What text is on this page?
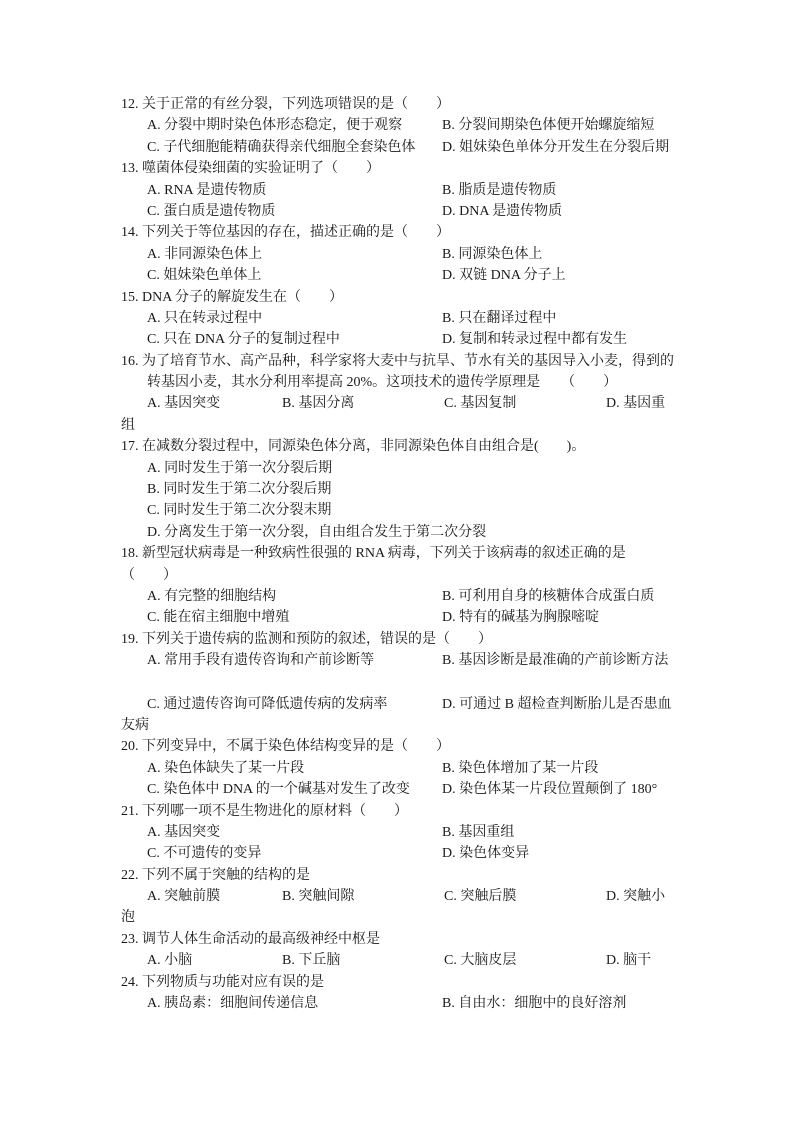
12. 关于正常的有丝分裂，下列选项错误的是（　　）
A. 分裂中期时染色体形态稳定，便于观察	B. 分裂间期染色体便开始螺旋缩短
C. 子代细胞能精确获得亲代细胞全套染色体 D. 姐妹染色单体分开发生在分裂后期
13. 噬菌体侵染细菌的实验证明了（　　）
A. RNA 是遗传物质	B. 脂质是遗传物质
C. 蛋白质是遗传物质	D. DNA 是遗传物质
14. 下列关于等位基因的存在，描述正确的是（　　）
A. 非同源染色体上	B. 同源染色体上
C. 姐妹染色单体上	D. 双链 DNA 分子上
15. DNA 分子的解旋发生在（　　）
A. 只在转录过程中	B. 只在翻译过程中
C. 只在 DNA 分子的复制过程中	D. 复制和转录过程中都有发生
16. 为了培育节水、高产品种，科学家将大麦中与抗旱、节水有关的基因导入小麦，得到的
转基因小麦，其水分利用率提高 20%。这项技术的遗传学原理是　　（　　）
A. 基因突变	B. 基因分离	C. 基因复制	D. 基因重
组
17. 在减数分裂过程中，同源染色体分离，非同源染色体自由组合是(　　)。
A. 同时发生于第一次分裂后期
B. 同时发生于第二次分裂后期
C. 同时发生于第二次分裂末期
D. 分离发生于第一次分裂，自由组合发生于第二次分裂
18. 新型冠状病毒是一种致病性很强的 RNA 病毒，下列关于该病毒的叙述正确的是
（　　）
A. 有完整的细胞结构	B. 可利用自身的核糖体合成蛋白质
C. 能在宿主细胞中增殖	D. 特有的碱基为胸腺嘧啶
19. 下列关于遗传病的监测和预防的叙述，错误的是（　　）
A. 常用手段有遗传咨询和产前诊断等	B. 基因诊断是最准确的产前诊断方法
C. 通过遗传咨询可降低遗传病的发病率	D. 可通过 B 超检查判断胎儿是否患血
友病
20. 下列变异中，不属于染色体结构变异的是（　　）
A. 染色体缺失了某一片段	B. 染色体增加了某一片段
C. 染色体中 DNA 的一个碱基对发生了改变 D. 染色体某一片段位置颠倒了 180°
21. 下列哪一项不是生物进化的原材料（　　）
A. 基因突变	B. 基因重组
C. 不可遗传的变异	D. 染色体变异
22. 下列不属于突触的结构的是
A. 突触前膜	B. 突触间隙	C. 突触后膜	D. 突触小
泡
23. 调节人体生命活动的最高级神经中枢是
A. 小脑	B. 下丘脑	C. 大脑皮层	D. 脑干
24. 下列物质与功能对应有误的是
A. 胰岛素：细胞间传递信息	B. 自由水：细胞中的良好溶剂
